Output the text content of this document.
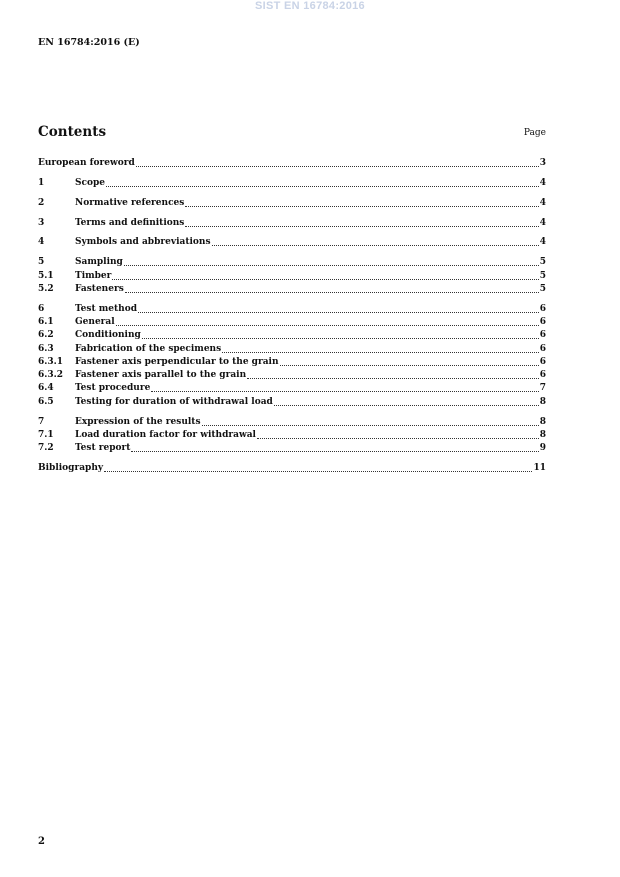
SIST EN 16784:2016
EN 16784:2016 (E)
Contents	Page
European foreword	3
1	Scope	4
2	Normative references	4
3	Terms and definitions	4
4	Symbols and abbreviations	4
5	Sampling	5
5.1	Timber	5
5.2	Fasteners	5
6	Test method	6
6.1	General	6
6.2	Conditioning	6
6.3	Fabrication of the specimens	6
6.3.1	Fastener axis perpendicular to the grain	6
6.3.2	Fastener axis parallel to the grain	6
6.4	Test procedure	7
6.5	Testing for duration of withdrawal load	8
7	Expression of the results	8
7.1	Load duration factor for withdrawal	8
7.2	Test report	9
Bibliography	11
2
